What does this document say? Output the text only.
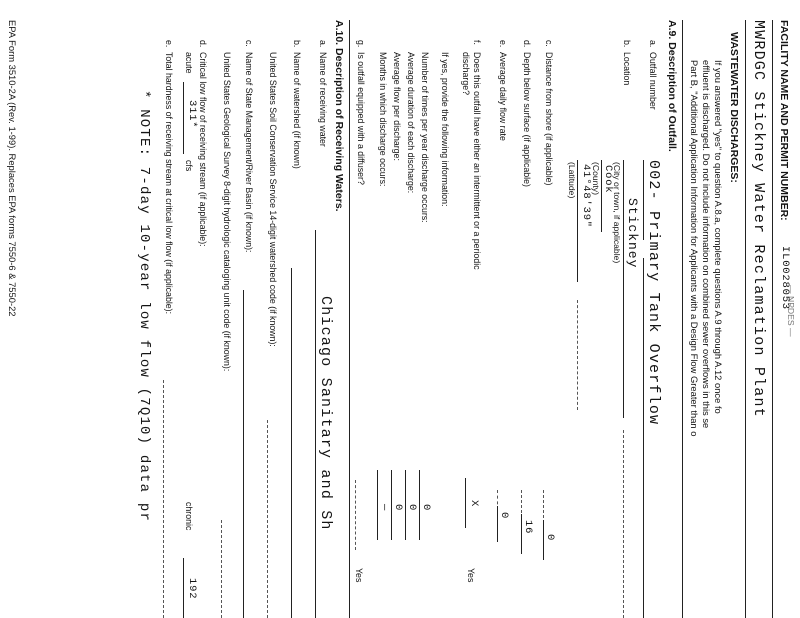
— NPDES —
FACILITY NAME AND PERMIT NUMBER:
IL0028053
MWRDGC Stickney Water Reclamation Plant
WASTEWATER DISCHARGES:
If you answered "yes" to question A.8.a, complete questions A.9 through A.12 once fo
effluent is discharged. Do not include information on combined sewer overflows in this se
Part B, "Additional Application Information for Applicants with a Design Flow Greater than o
A.9. Description of Outfall.
a.
Outfall number
002- Primary Tank Overflow
b.
Location
Stickney
(City or town, if applicable)
Cook
(County)
41°48'39"
(Latitude)
c.
Distance from shore (if applicable)
0
d.
Depth below surface (if applicable)
16
e.
Average daily flow rate
0
f.
Does this outfall have either an intermittent or a periodic
discharge?
X
Yes
If yes, provide the following information:
Number of times per year discharge occurs:
0
Average duration of each discharge:
0
Average flow per discharge:
0
Months in which discharge occurs:
—
g.
Is outfall equipped with a diffuser?
Yes
A.10. Description of Receiving Waters.
a.
Name of receiving water
Chicago Sanitary and Sh
b.
Name of watershed (if known)
United States Soil Conservation Service 14-digit watershed code (if known):
c.
Name of State Management/River Basin (if known):
United States Geological Survey 8-digit hydrologic cataloging unit code (if known):
d.
Critical low flow of receiving stream (if applicable):
acute
311*
cfs
chronic
192
e.
Total hardness of receiving stream at critical low flow (if applicable):
* NOTE: 7-day 10-year low flow (7Q10) data pr
EPA Form 3510-2A (Rev. 1-99). Replaces EPA forms 7550-6 & 7550-22
